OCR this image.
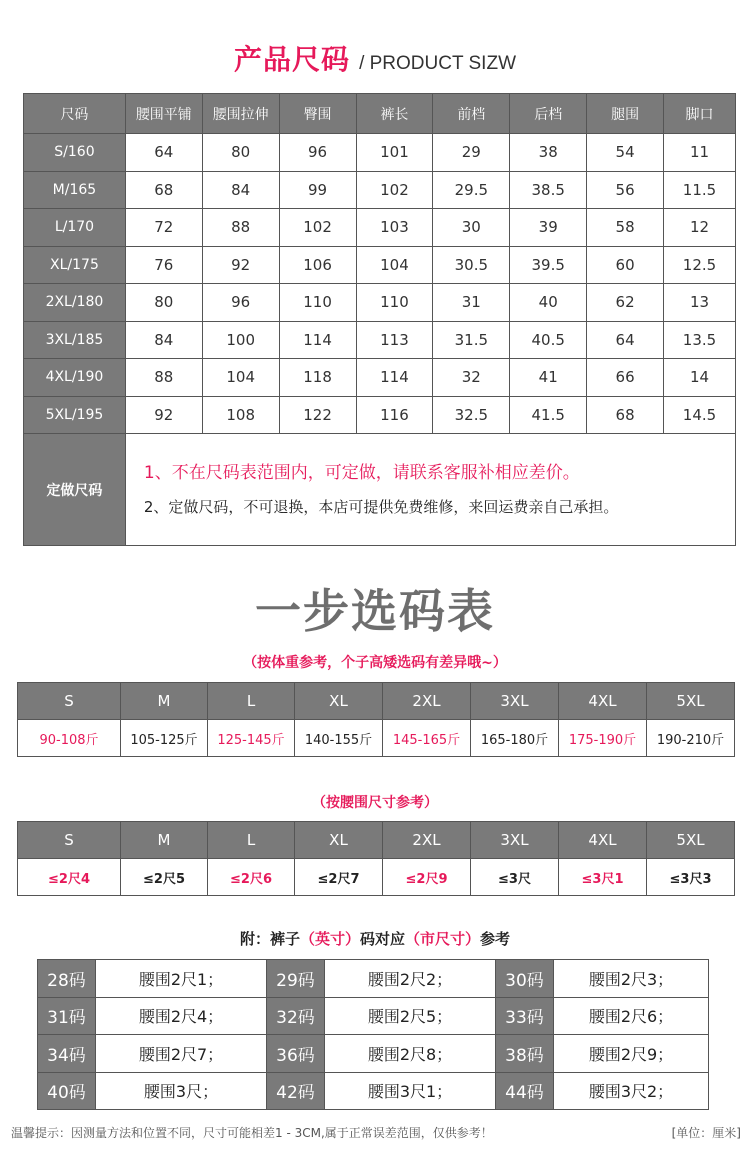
产品尺码 / PRODUCT SIZW
尺码	腰围平铺	腰围拉伸	臀围	裤长	前档	后档	腿围	脚口
S/160	64	80	96	101	29	38	54	11
M/165	68	84	99	102	29.5	38.5	56	11.5
L/170	72	88	102	103	30	39	58	12
XL/175	76	92	106	104	30.5	39.5	60	12.5
2XL/180	80	96	110	110	31	40	62	13
3XL/185	84	100	114	113	31.5	40.5	64	13.5
4XL/190	88	104	118	114	32	41	66	14
5XL/195	92	108	122	116	32.5	41.5	68	14.5
定做尺码	1、不在尺码表范围内，可定做，请联系客服补相应差价。
2、定做尺码，不可退换，本店可提供免费维修，来回运费亲自己承担。							
一步选码表
（按体重参考，个子高矮选码有差异哦~）
S	M	L	XL	2XL	3XL	4XL	5XL
90-108斤	105-125斤	125-145斤	140-155斤	145-165斤	165-180斤	175-190斤	190-210斤
（按腰围尺寸参考）
S	M	L	XL	2XL	3XL	4XL	5XL
≤2尺4	≤2尺5	≤2尺6	≤2尺7	≤2尺9	≤3尺	≤3尺1	≤3尺3
附：裤子（英寸）码对应（市尺寸）参考
28码	腰围2尺1；	29码	腰围2尺2；	30码	腰围2尺3；
31码	腰围2尺4；	32码	腰围2尺5；	33码	腰围2尺6；
34码	腰围2尺7；	36码	腰围2尺8；	38码	腰围2尺9；
40码	腰围3尺；	42码	腰围3尺1；	44码	腰围3尺2；
温馨提示：因测量方法和位置不同，尺寸可能相差1 - 3CM,属于正常误差范围，仅供参考！	[单位：厘米]
